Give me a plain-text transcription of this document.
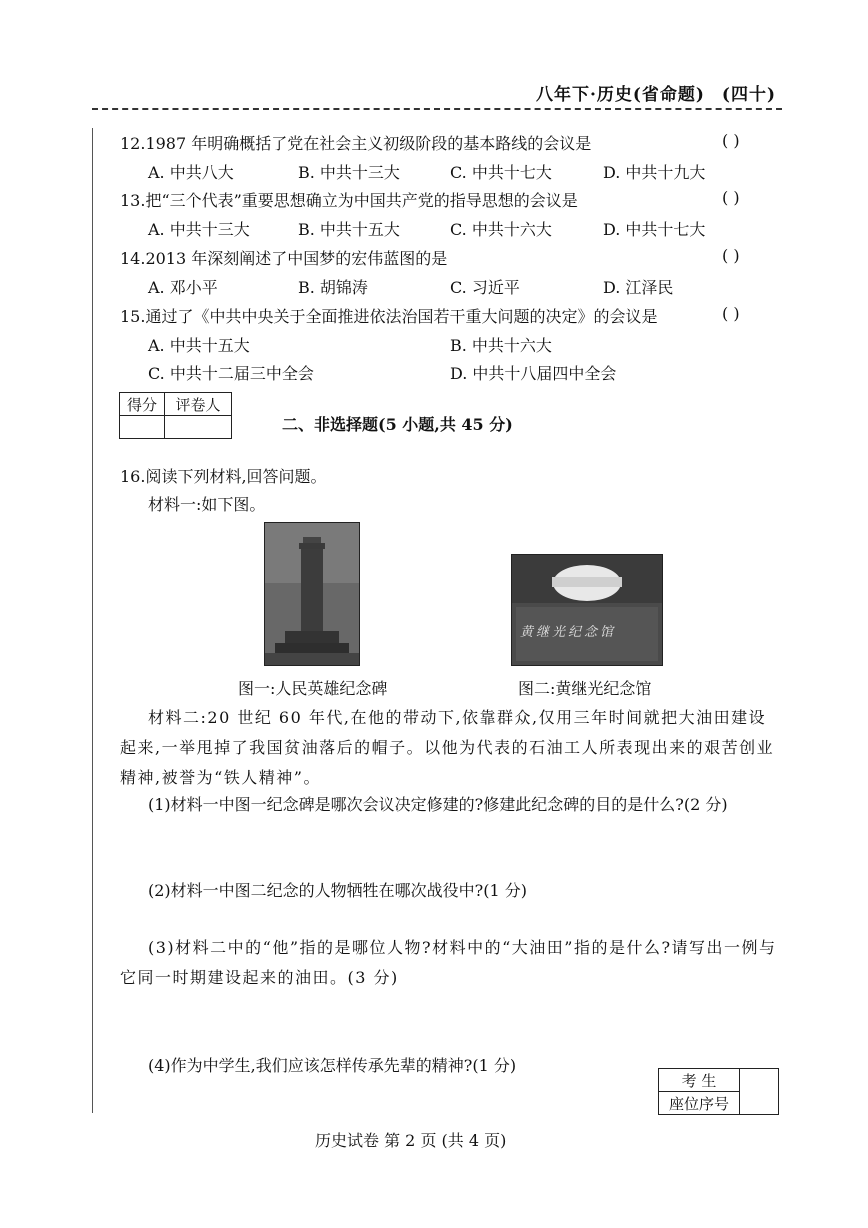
八年下·历史(省命题) (四十)
12.1987 年明确概括了党在社会主义初级阶段的基本路线的会议是	( )
A. 中共八大	B. 中共十三大	C. 中共十七大	D. 中共十九大
13.把“三个代表”重要思想确立为中国共产党的指导思想的会议是	( )
A. 中共十三大	B. 中共十五大	C. 中共十六大	D. 中共十七大
14.2013 年深刻阐述了中国梦的宏伟蓝图的是	( )
A. 邓小平	B. 胡锦涛	C. 习近平	D. 江泽民
15.通过了《中共中央关于全面推进依法治国若干重大问题的决定》的会议是	( )
A. 中共十五大	B. 中共十六大
C. 中共十二届三中全会	D. 中共十八届四中全会
得分	评卷人

二、非选择题(5 小题,共 45 分)
16.阅读下列材料,回答问题。
材料一:如下图。
图一:人民英雄纪念碑
黄继光纪念馆
图二:黄继光纪念馆
材料二:20 世纪 60 年代,在他的带动下,依靠群众,仅用三年时间就把大油田建设起来,一举甩掉了我国贫油落后的帽子。以他为代表的石油工人所表现出来的艰苦创业精神,被誉为“铁人精神”。
(1)材料一中图一纪念碑是哪次会议决定修建的?修建此纪念碑的目的是什么?(2 分)
(2)材料一中图二纪念的人物牺牲在哪次战役中?(1 分)
(3)材料二中的“他”指的是哪位人物?材料中的“大油田”指的是什么?请写出一例与它同一时期建设起来的油田。(3 分)
(4)作为中学生,我们应该怎样传承先辈的精神?(1 分)
考 生	
座位序号
历史试卷 第 2 页 (共 4 页)
